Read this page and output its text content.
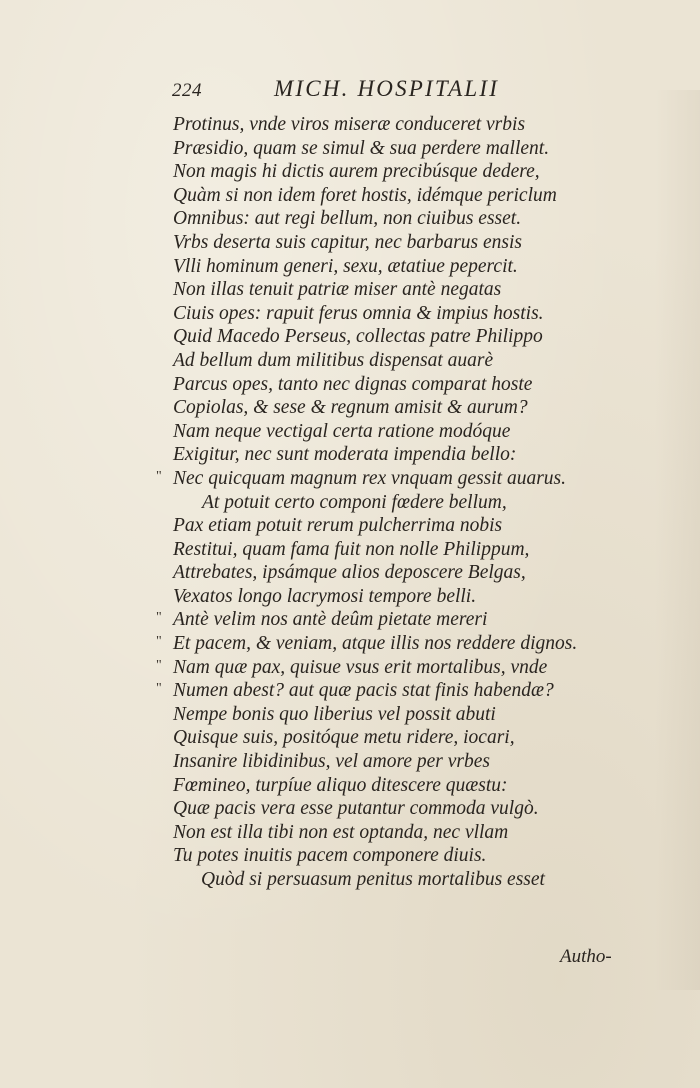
224	MICH. HOSPITALII
Protinus, vnde viros miseræ conduceret vrbis
Præsidio, quam se simul & sua perdere mallent.
Non magis hi dictis aurem precibúsque dedere,
Quàm si non idem foret hostis, idémque periclum
Omnibus: aut regi bellum, non ciuibus esset.
Vrbs deserta suis capitur, nec barbarus ensis
Vlli hominum generi, sexu, ætatiue pepercit.
Non illas tenuit patriæ miser antè negatas
Ciuis opes: rapuit ferus omnia & impius hostis.
Quid Macedo Perseus, collectas patre Philippo
Ad bellum dum militibus dispensat auarè
Parcus opes, tanto nec dignas comparat hoste
Copiolas, & sese & regnum amisit & aurum?
Nam neque vectigal certa ratione modóque
Exigitur, nec sunt moderata impendia bello:
" Nec quicquam magnum rex vnquam gessit auarus.
At potuit certo componi fœdere bellum,
Pax etiam potuit rerum pulcherrima nobis
Restitui, quam fama fuit non nolle Philippum,
Attrebates, ipsámque alios deposcere Belgas,
Vexatos longo lacrymosi tempore belli.
" Antè velim nos antè deûm pietate mereri
" Et pacem, & veniam, atque illis nos reddere dignos.
" Nam quæ pax, quisue vsus erit mortalibus, vnde
" Numen abest? aut quæ pacis stat finis habendæ?
Nempe bonis quo liberius vel possit abuti
Quisque suis, positóque metu ridere, iocari,
Insanire libidinibus, vel amore per vrbes
Fœmineo, turpíue aliquo ditescere quæstu:
Quæ pacis vera esse putantur commoda vulgò.
Non est illa tibi non est optanda, nec vllam
Tu potes inuitis pacem componere diuis.
Quòd si persuasum penitus mortalibus esset
Autho-
